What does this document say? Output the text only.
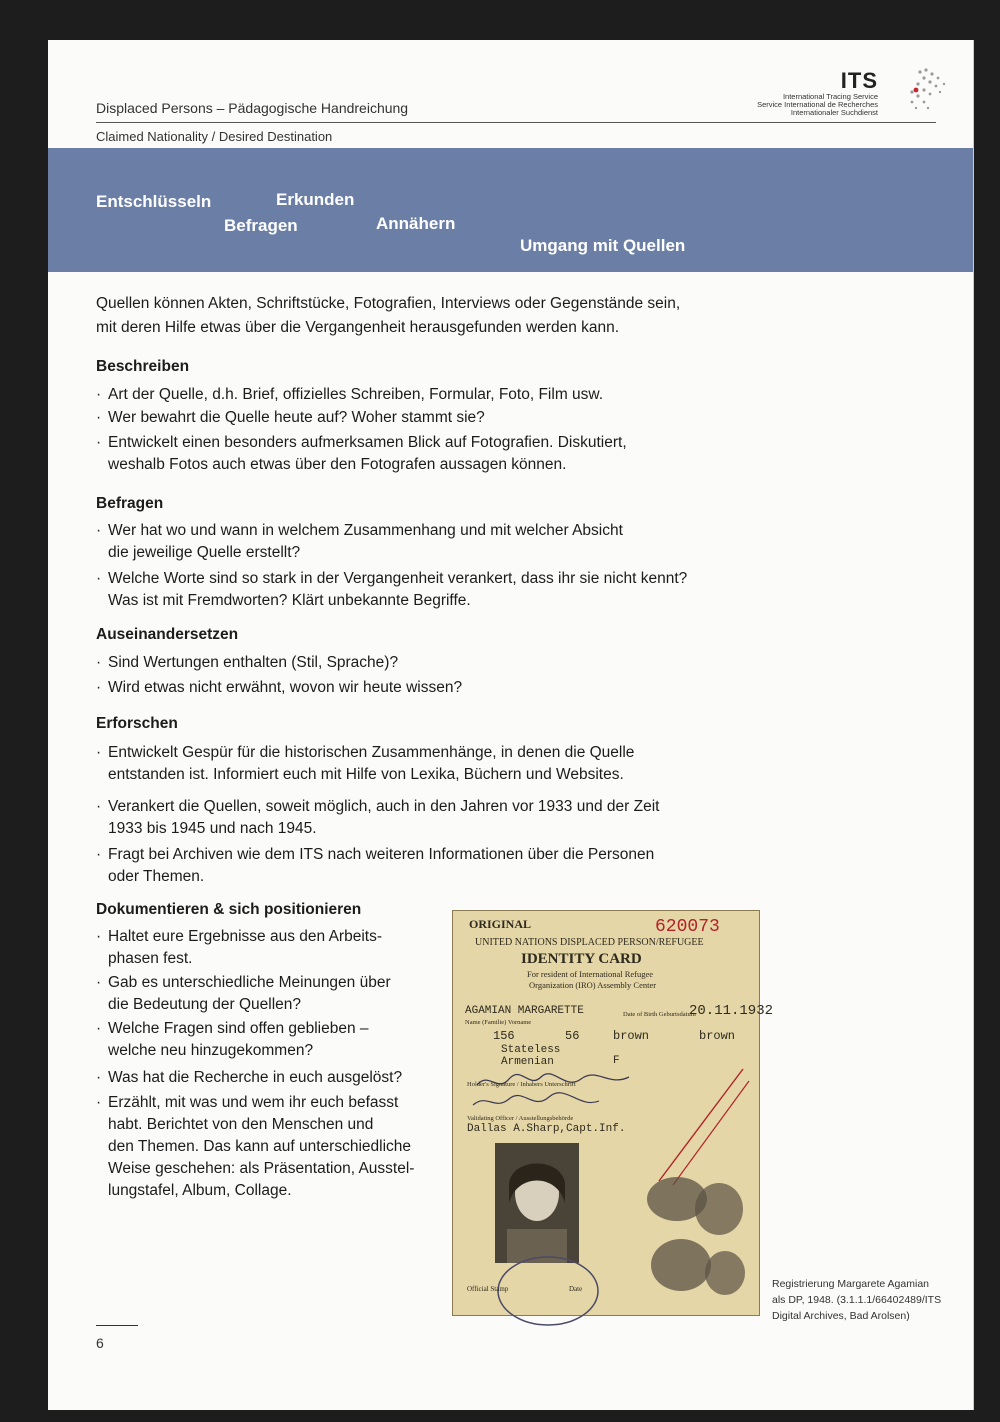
ITS
International Tracing Service
Service International de Recherches
Internationaler Suchdienst
Displaced Persons – Pädagogische Handreichung
Claimed Nationality / Desired Destination
Entschlüsseln	Erkunden
Befragen	Annähern
Umgang mit Quellen
Quellen können Akten, Schriftstücke, Fotografien, Interviews oder Gegenstände sein,
mit deren Hilfe etwas über die Vergangenheit herausgefunden werden kann.
Beschreiben
· Art der Quelle, d.h. Brief, offizielles Schreiben, Formular, Foto, Film usw.
· Wer bewahrt die Quelle heute auf? Woher stammt sie?
· Entwickelt einen besonders aufmerksamen Blick auf Fotografien. Diskutiert,
weshalb Fotos auch etwas über den Fotografen aussagen können.
Befragen
· Wer hat wo und wann in welchem Zusammenhang und mit welcher Absicht
die jeweilige Quelle erstellt?
· Welche Worte sind so stark in der Vergangenheit verankert, dass ihr sie nicht kennt?
Was ist mit Fremdworten? Klärt unbekannte Begriffe.
Auseinandersetzen
· Sind Wertungen enthalten (Stil, Sprache)?
· Wird etwas nicht erwähnt, wovon wir heute wissen?
Erforschen
· Entwickelt Gespür für die historischen Zusammenhänge, in denen die Quelle
entstanden ist. Informiert euch mit Hilfe von Lexika, Büchern und Websites.
· Verankert die Quellen, soweit möglich, auch in den Jahren vor 1933 und der Zeit
1933 bis 1945 und nach 1945.
· Fragt bei Archiven wie dem ITS nach weiteren Informationen über die Personen
oder Themen.
Dokumentieren & sich positionieren
· Haltet eure Ergebnisse aus den Arbeits-
phasen fest.
· Gab es unterschiedliche Meinungen über
die Bedeutung der Quellen?
· Welche Fragen sind offen geblieben –
welche neu hinzugekommen?
· Was hat die Recherche in euch ausgelöst?
· Erzählt, mit was und wem ihr euch befasst
habt. Berichtet von den Menschen und
den Themen. Das kann auf unterschiedliche
Weise geschehen: als Präsentation, Ausstel-
lungstafel, Album, Collage.
ORIGINAL	620073
UNITED NATIONS DISPLACED PERSON/REFUGEE
IDENTITY CARD
For resident of International Refugee
Organization (IRO) Assembly Center
AGAMIAN MARGARETTE	20.11.1932
Name (Familie) Vorname
Date of Birth Geburtsdatum
156	56	brown	brown
Stateless
Armenian	F
Holder's Signature / Inhabers Unterschrift
Validating Officer / Ausstellungsbehörde
Dallas A.Sharp,Capt.Inf.
Official Stamp	Date	Registrierung Margarete Agamian
als DP, 1948. (3.1.1.1/66402489/ITS
Digital Archives, Bad Arolsen)
6
